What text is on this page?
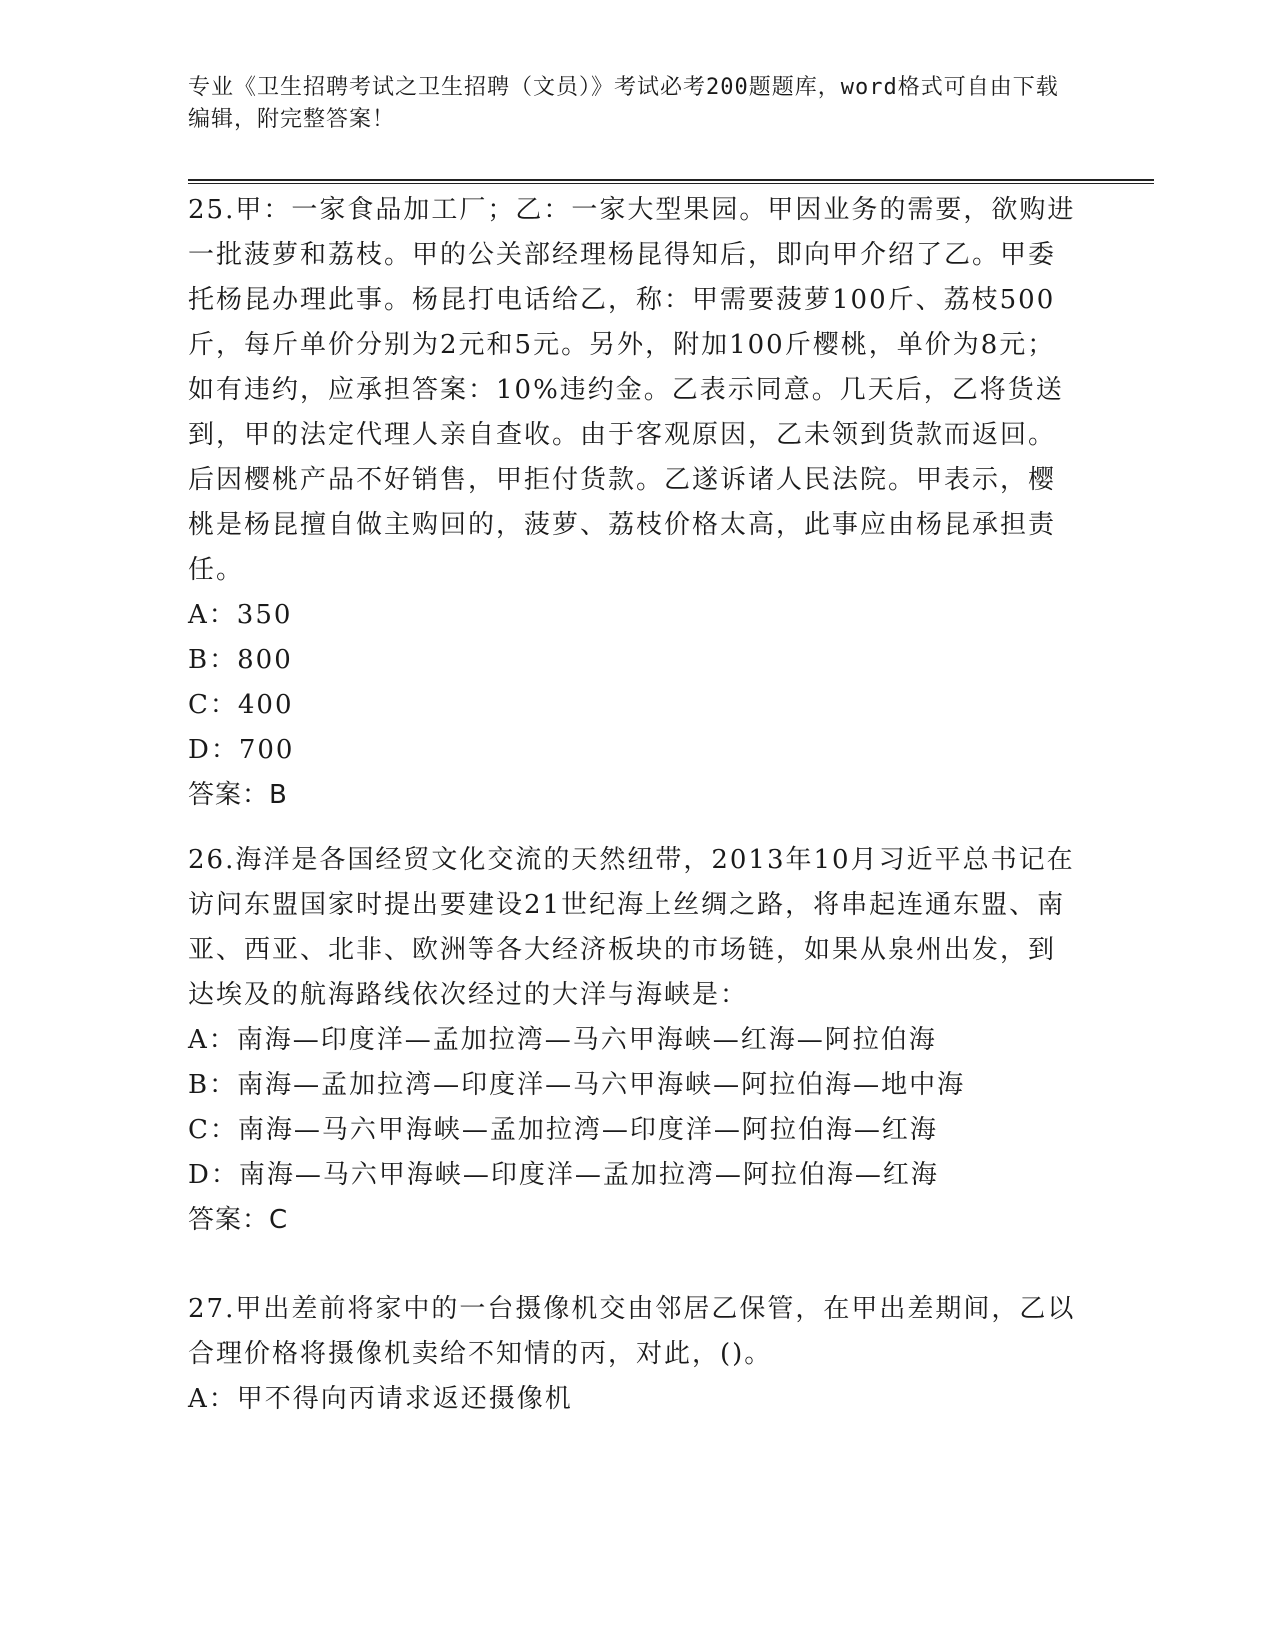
专业《卫生招聘考试之卫生招聘（文员）》考试必考200题题库，word格式可自由下载编辑，附完整答案！

25.甲：一家食品加工厂；乙：一家大型果园。甲因业务的需要，欲购进一批菠萝和荔枝。甲的公关部经理杨昆得知后，即向甲介绍了乙。甲委托杨昆办理此事。杨昆打电话给乙，称：甲需要菠萝100斤、荔枝500斤，每斤单价分别为2元和5元。另外，附加100斤樱桃，单价为8元；如有违约，应承担答案：10%违约金。乙表示同意。几天后，乙将货送到，甲的法定代理人亲自查收。由于客观原因，乙未领到货款而返回。后因樱桃产品不好销售，甲拒付货款。乙遂诉诸人民法院。甲表示，樱桃是杨昆擅自做主购回的，菠萝、荔枝价格太高，此事应由杨昆承担责任。

A：350

B：800

C：400

D：700

答案：B

26.海洋是各国经贸文化交流的天然纽带，2013年10月习近平总书记在访问东盟国家时提出要建设21世纪海上丝绸之路，将串起连通东盟、南亚、西亚、北非、欧洲等各大经济板块的市场链，如果从泉州出发，到达埃及的航海路线依次经过的大洋与海峡是：

A：南海—印度洋—孟加拉湾—马六甲海峡—红海—阿拉伯海

B：南海—孟加拉湾—印度洋—马六甲海峡—阿拉伯海—地中海

C：南海—马六甲海峡—孟加拉湾—印度洋—阿拉伯海—红海

D：南海—马六甲海峡—印度洋—孟加拉湾—阿拉伯海—红海

答案：C

27.甲出差前将家中的一台摄像机交由邻居乙保管，在甲出差期间，乙以合理价格将摄像机卖给不知情的丙，对此，()。

A：甲不得向丙请求返还摄像机
